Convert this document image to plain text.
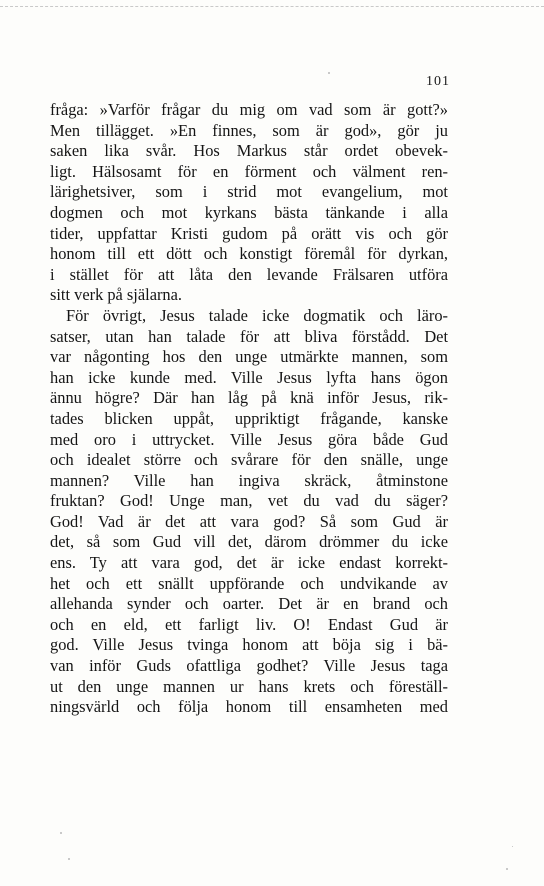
101
fråga: »Varför frågar du mig om vad som är gott?»
Men tillägget. »En finnes, som är god», gör ju
saken lika svår. Hos Markus står ordet obevek-
ligt. Hälsosamt för en förment och välment ren-
lärighetsiver, som i strid mot evangelium, mot
dogmen och mot kyrkans bästa tänkande i alla
tider, uppfattar Kristi gudom på orätt vis och gör
honom till ett dött och konstigt föremål för dyrkan,
i stället för att låta den levande Frälsaren utföra
sitt verk på själarna.
För övrigt, Jesus talade icke dogmatik och läro-
satser, utan han talade för att bliva förstådd. Det
var någonting hos den unge utmärkte mannen, som
han icke kunde med. Ville Jesus lyfta hans ögon
ännu högre? Där han låg på knä inför Jesus, rik-
tades blicken uppåt, uppriktigt frågande, kanske
med oro i uttrycket. Ville Jesus göra både Gud
och idealet större och svårare för den snälle, unge
mannen? Ville han ingiva skräck, åtminstone
fruktan? God! Unge man, vet du vad du säger?
God! Vad är det att vara god? Så som Gud är
det, så som Gud vill det, därom drömmer du icke
ens. Ty att vara god, det är icke endast korrekt-
het och ett snällt uppförande och undvikande av
allehanda synder och oarter. Det är en brand och
och en eld, ett farligt liv. O! Endast Gud är
god. Ville Jesus tvinga honom att böja sig i bä-
van inför Guds ofattliga godhet? Ville Jesus taga
ut den unge mannen ur hans krets och föreställ-
ningsvärld och följa honom till ensamheten med
